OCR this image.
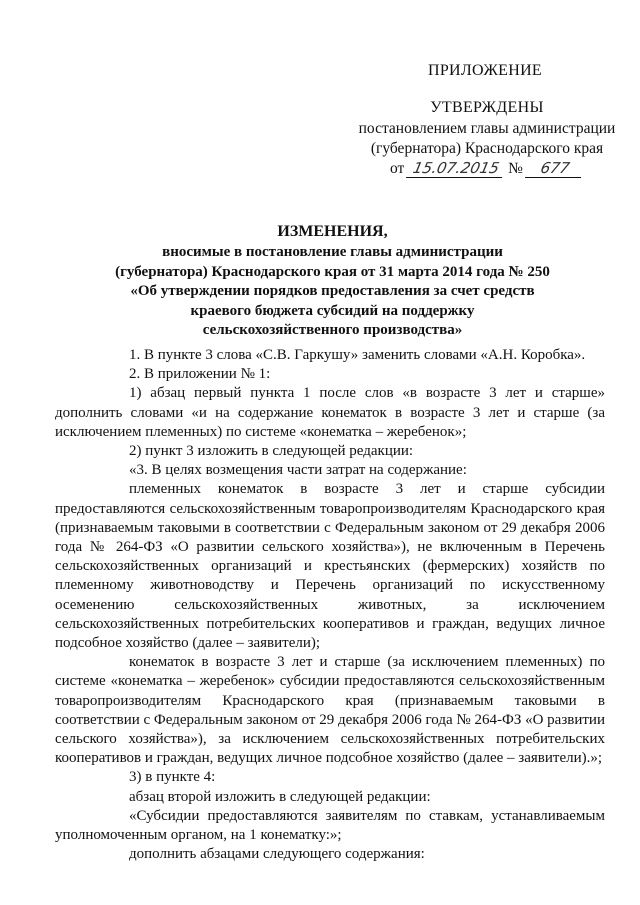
ПРИЛОЖЕНИЕ
УТВЕРЖДЕНЫ
постановлением главы администрации
(губернатора) Краснодарского края
от 15.07.2015 № 677
ИЗМЕНЕНИЯ,
вносимые в постановление главы администрации
(губернатора) Краснодарского края от 31 марта 2014 года № 250
«Об утверждении порядков предоставления за счет средств
краевого бюджета субсидий на поддержку
сельскохозяйственного производства»
1. В пункте 3 слова «С.В. Гаркушу» заменить словами «А.Н. Коробка».
2. В приложении № 1:
1) абзац первый пункта 1 после слов «в возрасте 3 лет и старше» дополнить словами «и на содержание конематок в возрасте 3 лет и старше (за исключением племенных) по системе «конематка – жеребенок»;
2) пункт 3 изложить в следующей редакции:
«3. В целях возмещения части затрат на содержание:
племенных конематок в возрасте 3 лет и старше субсидии предоставляются сельскохозяйственным товаропроизводителям Краснодарского края (признаваемым таковыми в соответствии с Федеральным законом от 29 декабря 2006 года № 264-ФЗ «О развитии сельского хозяйства»), не включенным в Перечень сельскохозяйственных организаций и крестьянских (фермерских) хозяйств по племенному животноводству и Перечень организаций по искусственному осеменению сельскохозяйственных животных, за исключением сельскохозяйственных потребительских кооперативов и граждан, ведущих личное подсобное хозяйство (далее – заявители);
конематок в возрасте 3 лет и старше (за исключением племенных) по системе «конематка – жеребенок» субсидии предоставляются сельскохозяйственным товаропроизводителям Краснодарского края (признаваемым таковыми в соответствии с Федеральным законом от 29 декабря 2006 года № 264-ФЗ «О развитии сельского хозяйства»), за исключением сельскохозяйственных потребительских кооперативов и граждан, ведущих личное подсобное хозяйство (далее – заявители).»;
3) в пункте 4:
абзац второй изложить в следующей редакции:
«Субсидии предоставляются заявителям по ставкам, устанавливаемым уполномоченным органом, на 1 конематку:»;
дополнить абзацами следующего содержания:
